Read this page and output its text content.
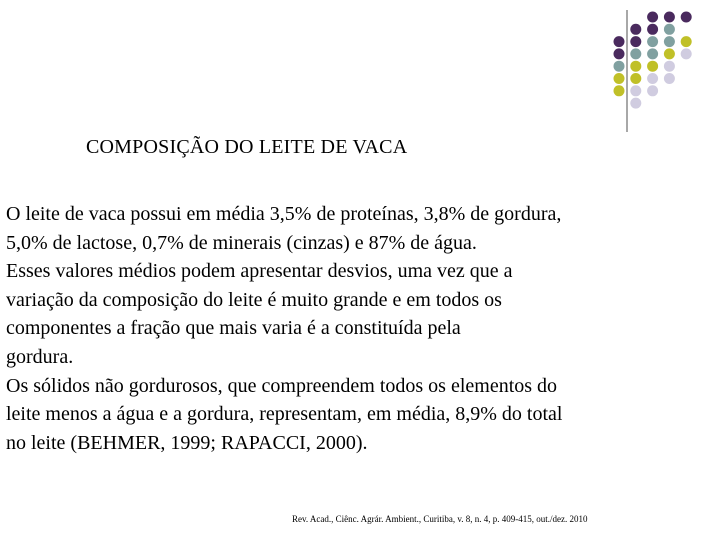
COMPOSIÇÃO DO LEITE DE VACA

O leite de vaca possui em média 3,5% de proteínas, 3,8% de gordura,
5,0% de lactose, 0,7% de minerais (cinzas) e 87% de água.

Esses valores médios podem apresentar desvios, uma vez que a
variação da composição do leite é muito grande e em todos os
componentes a fração que mais varia é a constituída pela
gordura.

Os sólidos não gordurosos, que compreendem todos os elementos do
leite menos a água e a gordura, representam, em média, 8,9% do total
no leite (BEHMER, 1999; RAPACCI, 2000).

Rev. Acad., Ciênc. Agrár. Ambient., Curitiba, v. 8, n. 4, p. 409-415, out./dez. 2010
